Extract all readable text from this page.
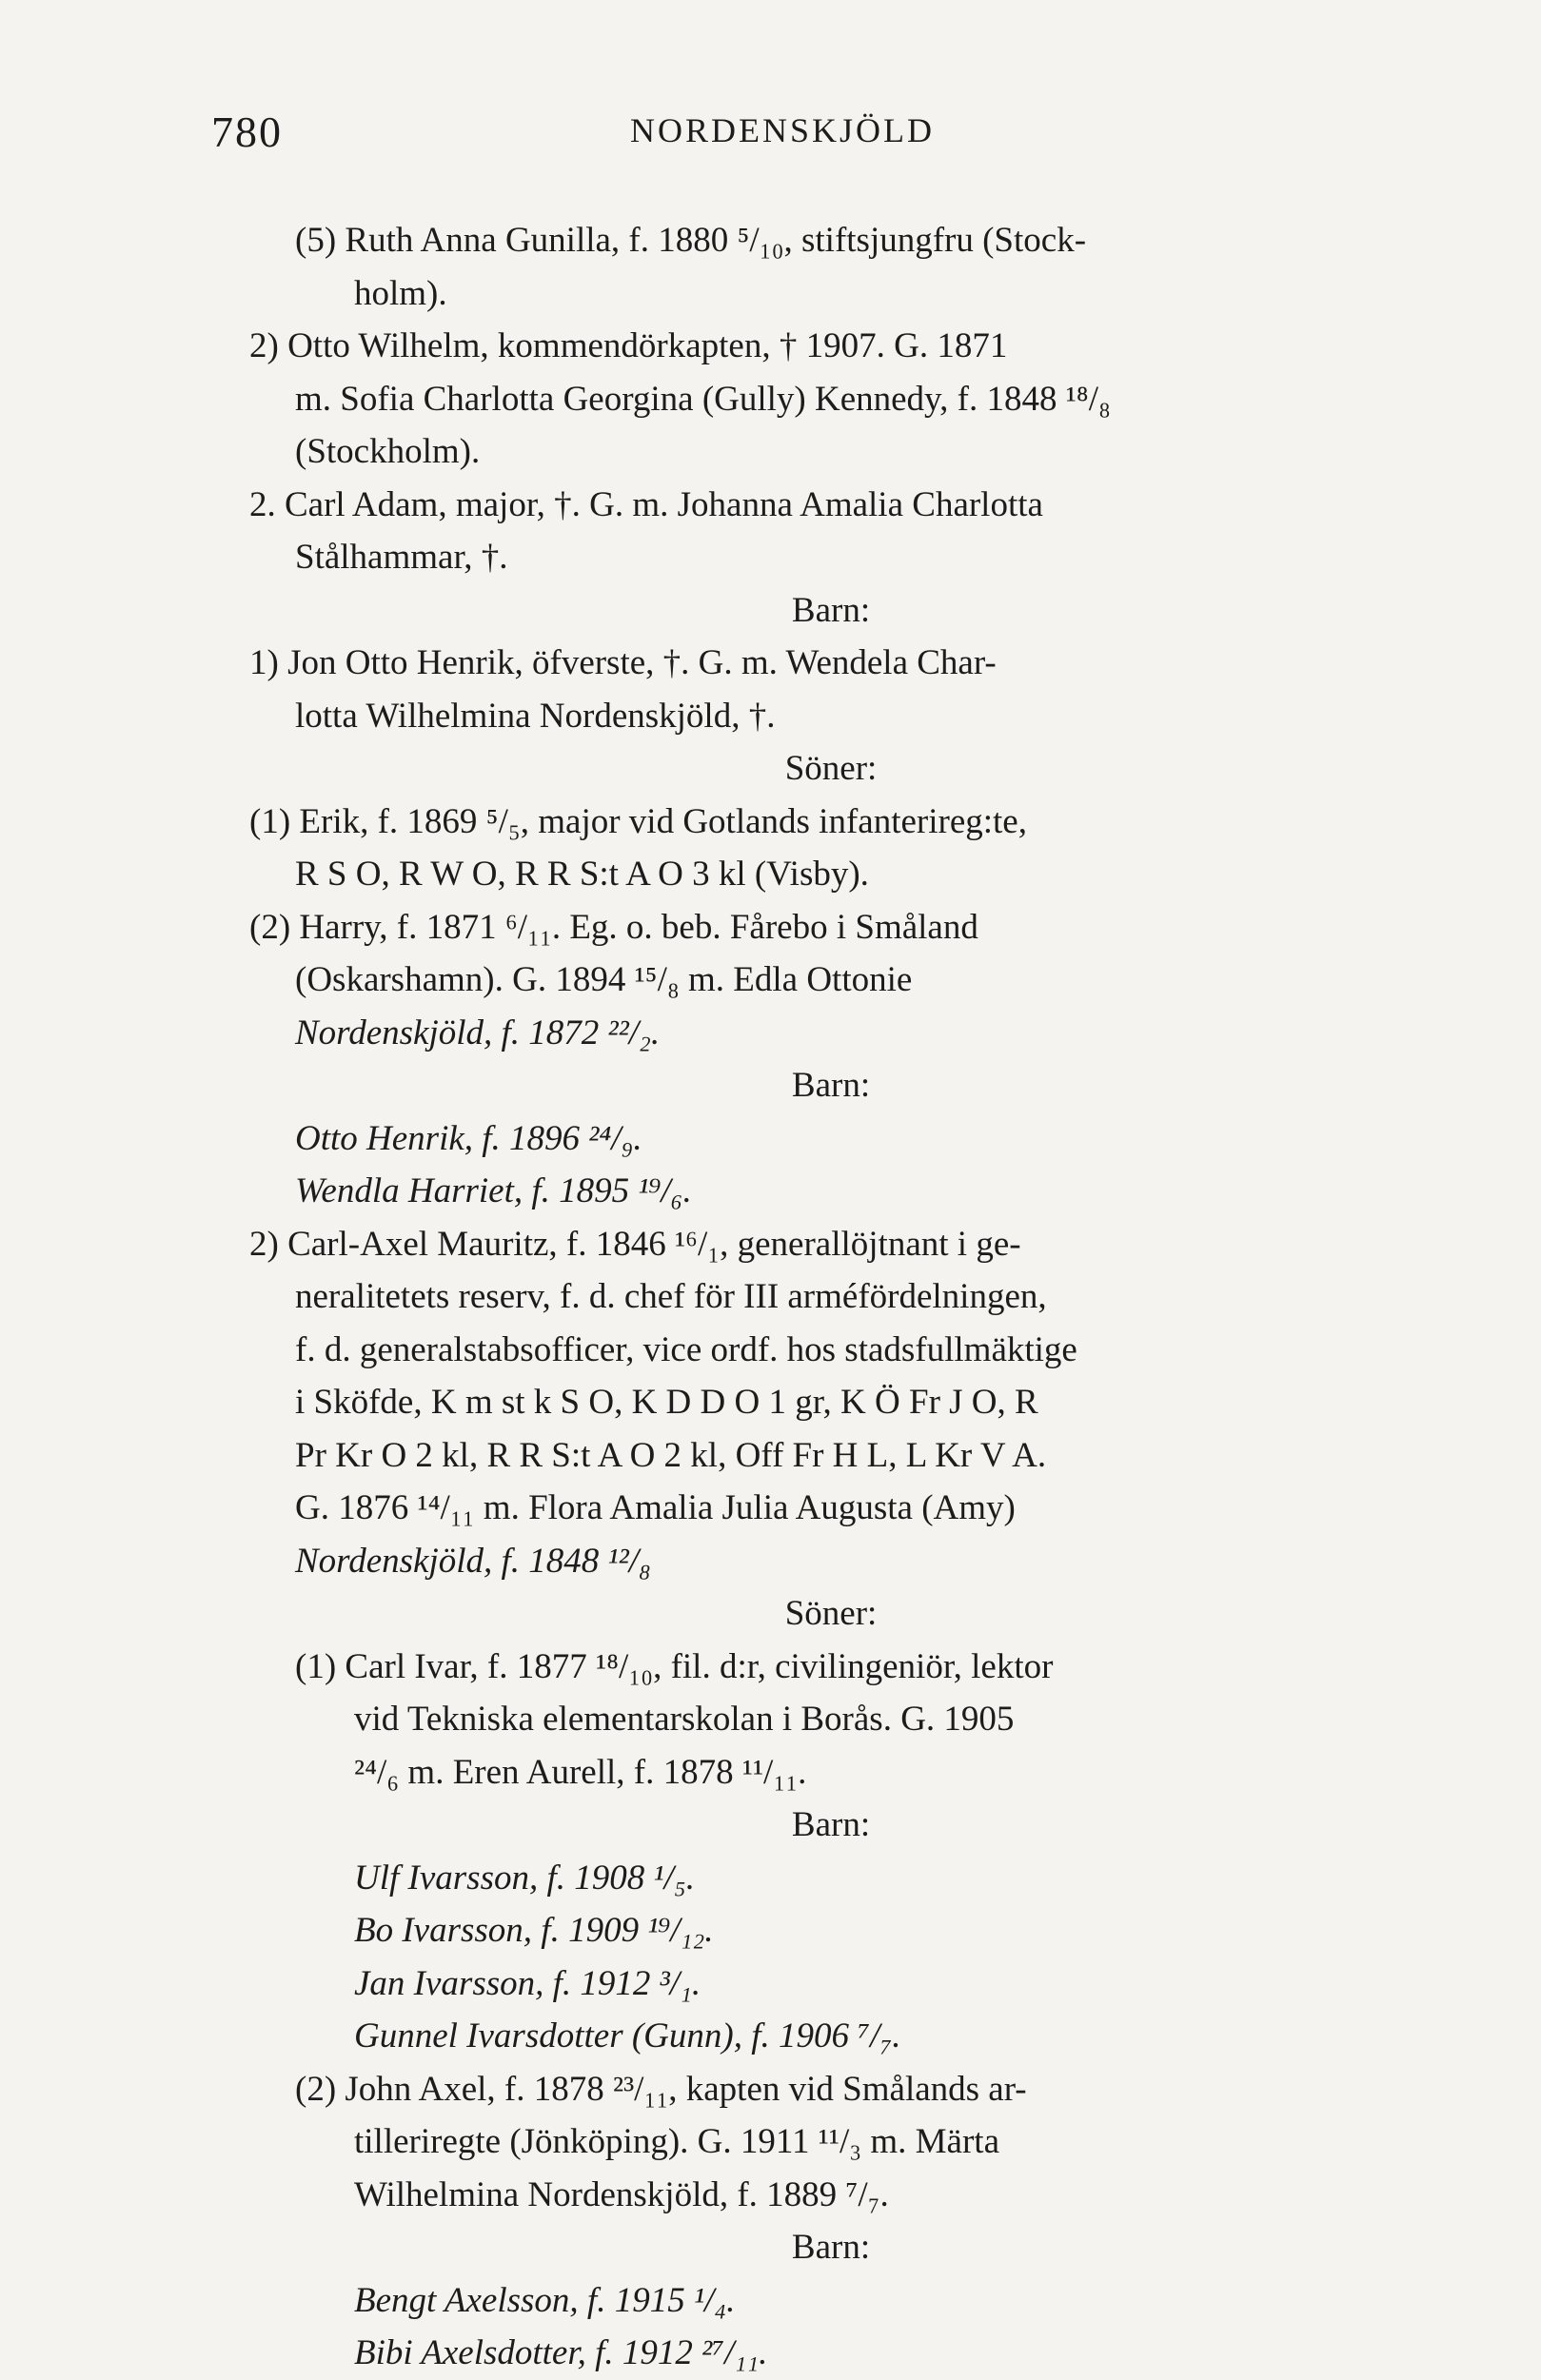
780	NORDENSKJÖLD
(5) Ruth Anna Gunilla, f. 1880 ⁵/₁₀, stiftsjungfru (Stock-
holm).
2) Otto Wilhelm, kommendörkapten, † 1907. G. 1871
m. Sofia Charlotta Georgina (Gully) Kennedy, f. 1848 ¹⁸/₈
(Stockholm).
2. Carl Adam, major, †. G. m. Johanna Amalia Charlotta
Stålhammar, †.
Barn:
1) Jon Otto Henrik, öfverste, †. G. m. Wendela Char-
lotta Wilhelmina Nordenskjöld, †.
Söner:
(1) Erik, f. 1869 ⁵/₅, major vid Gotlands infanterireg:te,
R S O, R W O, R R S:t A O 3 kl (Visby).
(2) Harry, f. 1871 ⁶/₁₁. Eg. o. beb. Fårebo i Småland
(Oskarshamn). G. 1894 ¹⁵/₈ m. Edla Ottonie
Nordenskjöld, f. 1872 ²²/₂.
Barn:
Otto Henrik, f. 1896 ²⁴/₉.
Wendla Harriet, f. 1895 ¹⁹/₆.
2) Carl-Axel Mauritz, f. 1846 ¹⁶/₁, generallöjtnant i ge-
neralitetets reserv, f. d. chef för III arméfördelningen,
f. d. generalstabsofficer, vice ordf. hos stadsfullmäktige
i Sköfde, K m st k S O, K D D O 1 gr, K Ö Fr J O, R
Pr Kr O 2 kl, R R S:t A O 2 kl, Off Fr H L, L Kr V A.
G. 1876 ¹⁴/₁₁ m. Flora Amalia Julia Augusta (Amy)
Nordenskjöld, f. 1848 ¹²/₈
Söner:
(1) Carl Ivar, f. 1877 ¹⁸/₁₀, fil. d:r, civilingeniör, lektor
vid Tekniska elementarskolan i Borås. G. 1905
²⁴/₆ m. Eren Aurell, f. 1878 ¹¹/₁₁.
Barn:
Ulf Ivarsson, f. 1908 ¹/₅.
Bo Ivarsson, f. 1909 ¹⁹/₁₂.
Jan Ivarsson, f. 1912 ³/₁.
Gunnel Ivarsdotter (Gunn), f. 1906 ⁷/₇.
(2) John Axel, f. 1878 ²³/₁₁, kapten vid Smålands ar-
tilleriregte (Jönköping). G. 1911 ¹¹/₃ m. Märta
Wilhelmina Nordenskjöld, f. 1889 ⁷/₇.
Barn:
Bengt Axelsson, f. 1915 ¹/₄.
Bibi Axelsdotter, f. 1912 ²⁷/₁₁.
